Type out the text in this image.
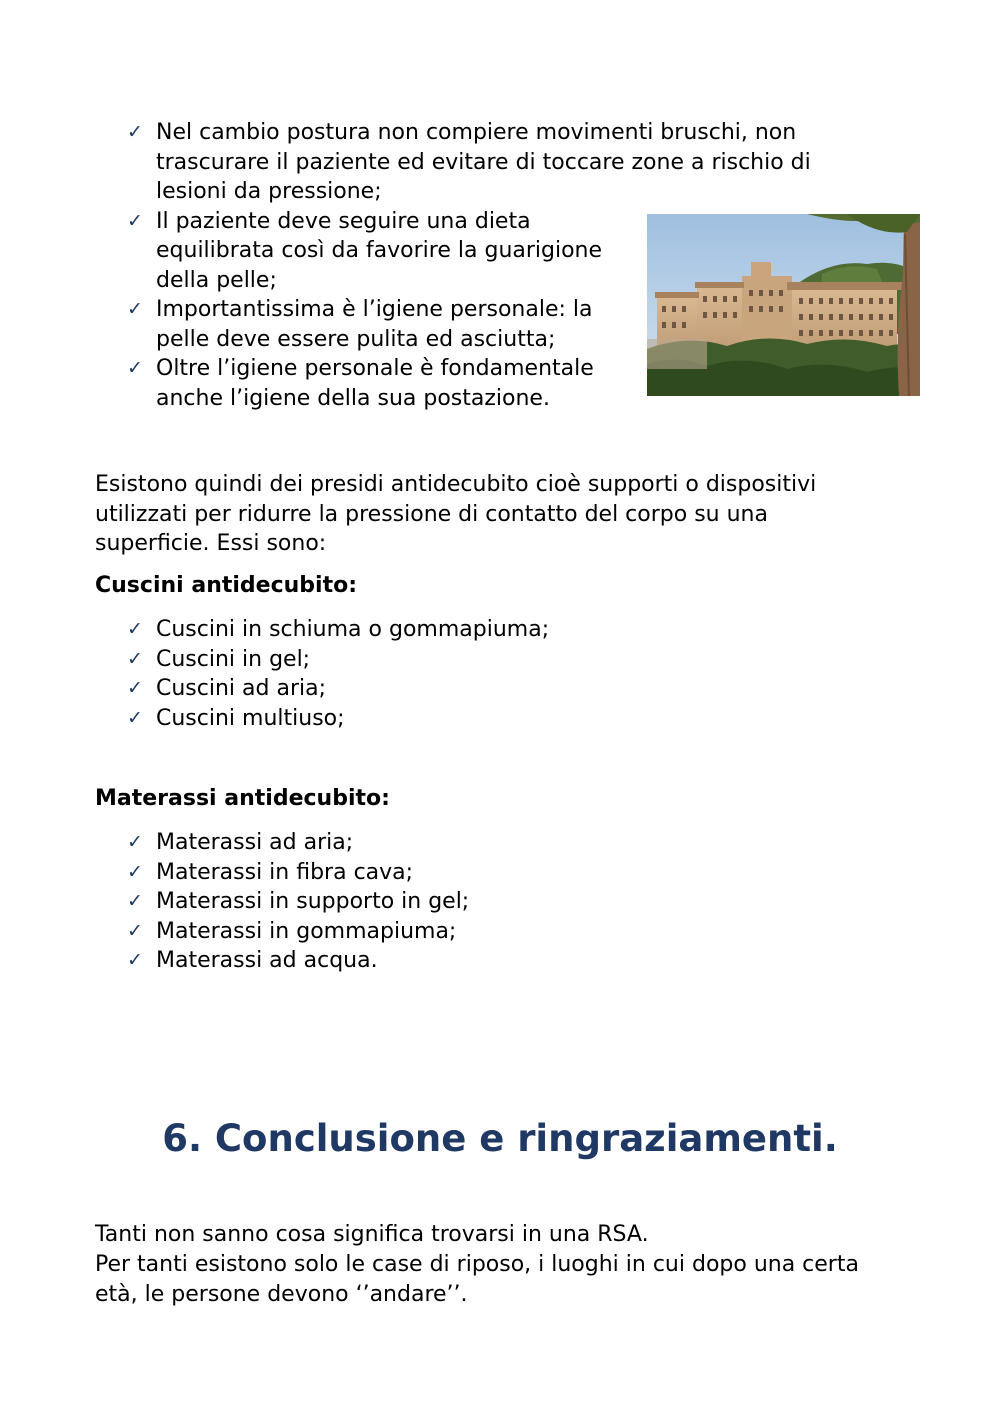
✓ Nel cambio postura non compiere movimenti bruschi, non trascurare il paziente ed evitare di toccare zone a rischio di lesioni da pressione;
✓ Il paziente deve seguire una dieta equilibrata così da favorire la guarigione della pelle;
✓ Importantissima è l’igiene personale: la pelle deve essere pulita ed asciutta;
✓ Oltre l’igiene personale è fondamentale anche l’igiene della sua postazione.

Esistono quindi dei presidi antidecubito cioè supporti o dispositivi utilizzati per ridurre la pressione di contatto del corpo su una superficie. Essi sono:

Cuscini antidecubito:
✓ Cuscini in schiuma o gommapiuma;
✓ Cuscini in gel;
✓ Cuscini ad aria;
✓ Cuscini multiuso;
Materassi antidecubito:
✓ Materassi ad aria;
✓ Materassi in fibra cava;
✓ Materassi in supporto in gel;
✓ Materassi in gommapiuma;
✓ Materassi ad acqua.
6. Conclusione e ringraziamenti.

Tanti non sanno cosa significa trovarsi in una RSA.

Per tanti esistono solo le case di riposo, i luoghi in cui dopo una certa età, le persone devono ‘’andare’’.
